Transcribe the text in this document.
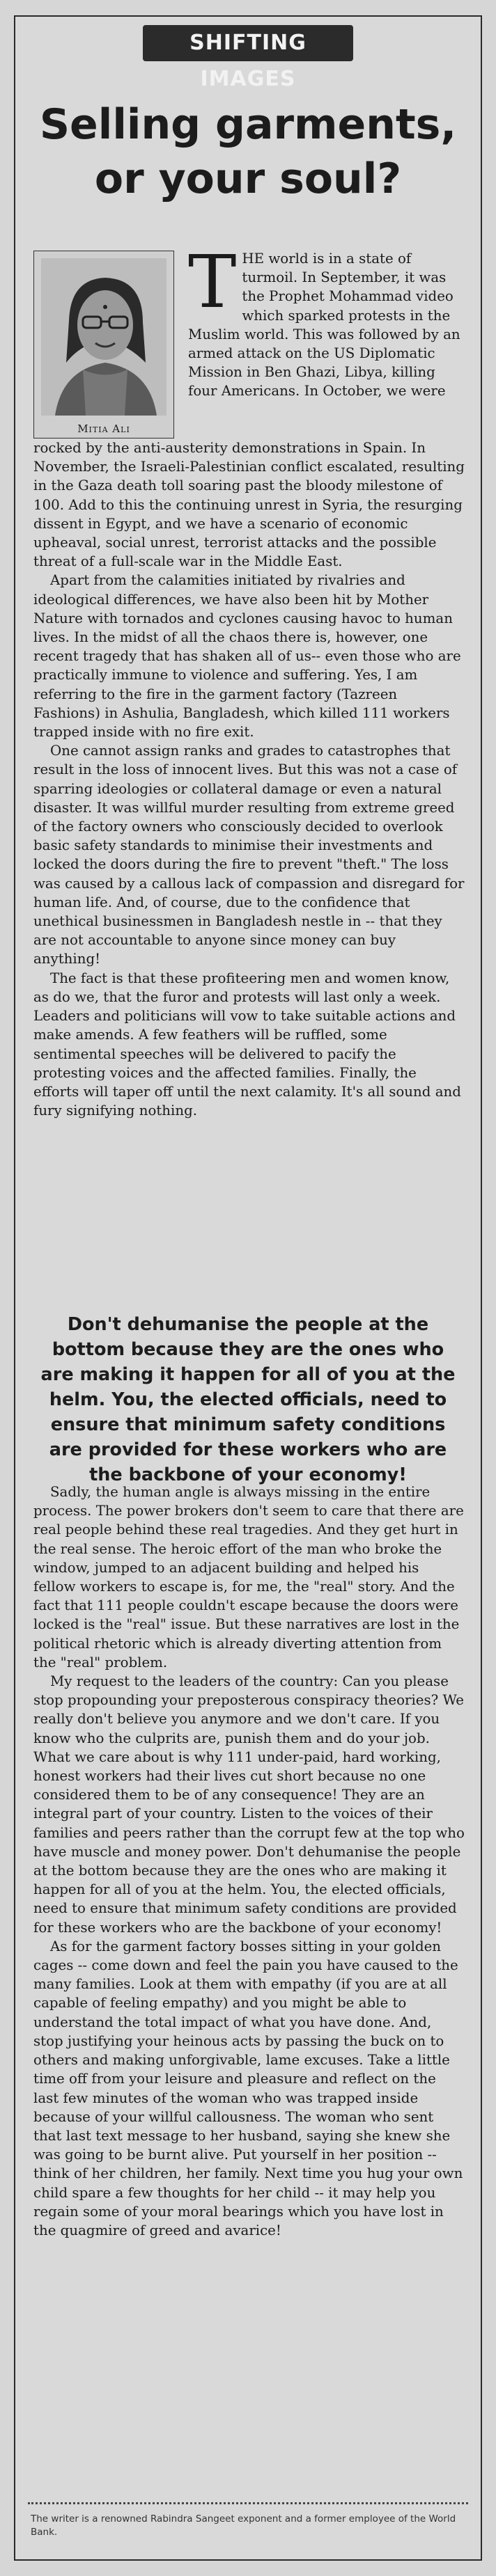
SHIFTING IMAGES
Selling garments,
or your soul?
Mitia Ali
THE world is in a state of turmoil. In September, it was the Prophet Mohammad video which sparked protests in the Muslim world. This was followed by an armed attack on the US Diplomatic Mission in Ben Ghazi, Libya, killing four Americans. In October, we were

rocked by the anti-austerity demonstrations in Spain. In November, the Israeli-Palestinian conflict escalated, resulting in the Gaza death toll soaring past the bloody milestone of 100. Add to this the continuing unrest in Syria, the resurging dissent in Egypt, and we have a scenario of economic upheaval, social unrest, terrorist attacks and the possible threat of a full-scale war in the Middle East.

Apart from the calamities initiated by rivalries and ideological differences, we have also been hit by Mother Nature with tornados and cyclones causing havoc to human lives. In the midst of all the chaos there is, however, one recent tragedy that has shaken all of us-- even those who are practically immune to violence and suffering. Yes, I am referring to the fire in the garment factory (Tazreen Fashions) in Ashulia, Bangladesh, which killed 111 workers trapped inside with no fire exit.

One cannot assign ranks and grades to catastrophes that result in the loss of innocent lives. But this was not a case of sparring ideologies or collateral damage or even a natural disaster. It was willful murder resulting from extreme greed of the factory owners who consciously decided to overlook basic safety standards to minimise their investments and locked the doors during the fire to prevent "theft." The loss was caused by a callous lack of compassion and disregard for human life. And, of course, due to the confidence that unethical businessmen in Bangladesh nestle in -- that they are not accountable to anyone since money can buy anything!

The fact is that these profiteering men and women know, as do we, that the furor and protests will last only a week. Leaders and politicians will vow to take suitable actions and make amends. A few feathers will be ruffled, some sentimental speeches will be delivered to pacify the protesting voices and the affected families. Finally, the efforts will taper off until the next calamity. It's all sound and fury signifying nothing.

Don't dehumanise the people at the bottom because they are the ones who are making it happen for all of you at the helm. You, the elected officials, need to ensure that minimum safety conditions are provided for these workers who are the backbone of your economy!

Sadly, the human angle is always missing in the entire process. The power brokers don't seem to care that there are real people behind these real tragedies. And they get hurt in the real sense. The heroic effort of the man who broke the window, jumped to an adjacent building and helped his fellow workers to escape is, for me, the "real" story. And the fact that 111 people couldn't escape because the doors were locked is the "real" issue. But these narratives are lost in the political rhetoric which is already diverting attention from the "real" problem.

My request to the leaders of the country: Can you please stop propounding your preposterous conspiracy theories? We really don't believe you anymore and we don't care. If you know who the culprits are, punish them and do your job. What we care about is why 111 under-paid, hard working, honest workers had their lives cut short because no one considered them to be of any consequence! They are an integral part of your country. Listen to the voices of their families and peers rather than the corrupt few at the top who have muscle and money power. Don't dehumanise the people at the bottom because they are the ones who are making it happen for all of you at the helm. You, the elected officials, need to ensure that minimum safety conditions are provided for these workers who are the backbone of your economy!

As for the garment factory bosses sitting in your golden cages -- come down and feel the pain you have caused to the many families. Look at them with empathy (if you are at all capable of feeling empathy) and you might be able to understand the total impact of what you have done. And, stop justifying your heinous acts by passing the buck on to others and making unforgivable, lame excuses. Take a little time off from your leisure and pleasure and reflect on the last few minutes of the woman who was trapped inside because of your willful callousness. The woman who sent that last text message to her husband, saying she knew she was going to be burnt alive. Put yourself in her position -- think of her children, her family. Next time you hug your own child spare a few thoughts for her child -- it may help you regain some of your moral bearings which you have lost in the quagmire of greed and avarice!

The writer is a renowned Rabindra Sangeet exponent and a former employee of the World Bank.
